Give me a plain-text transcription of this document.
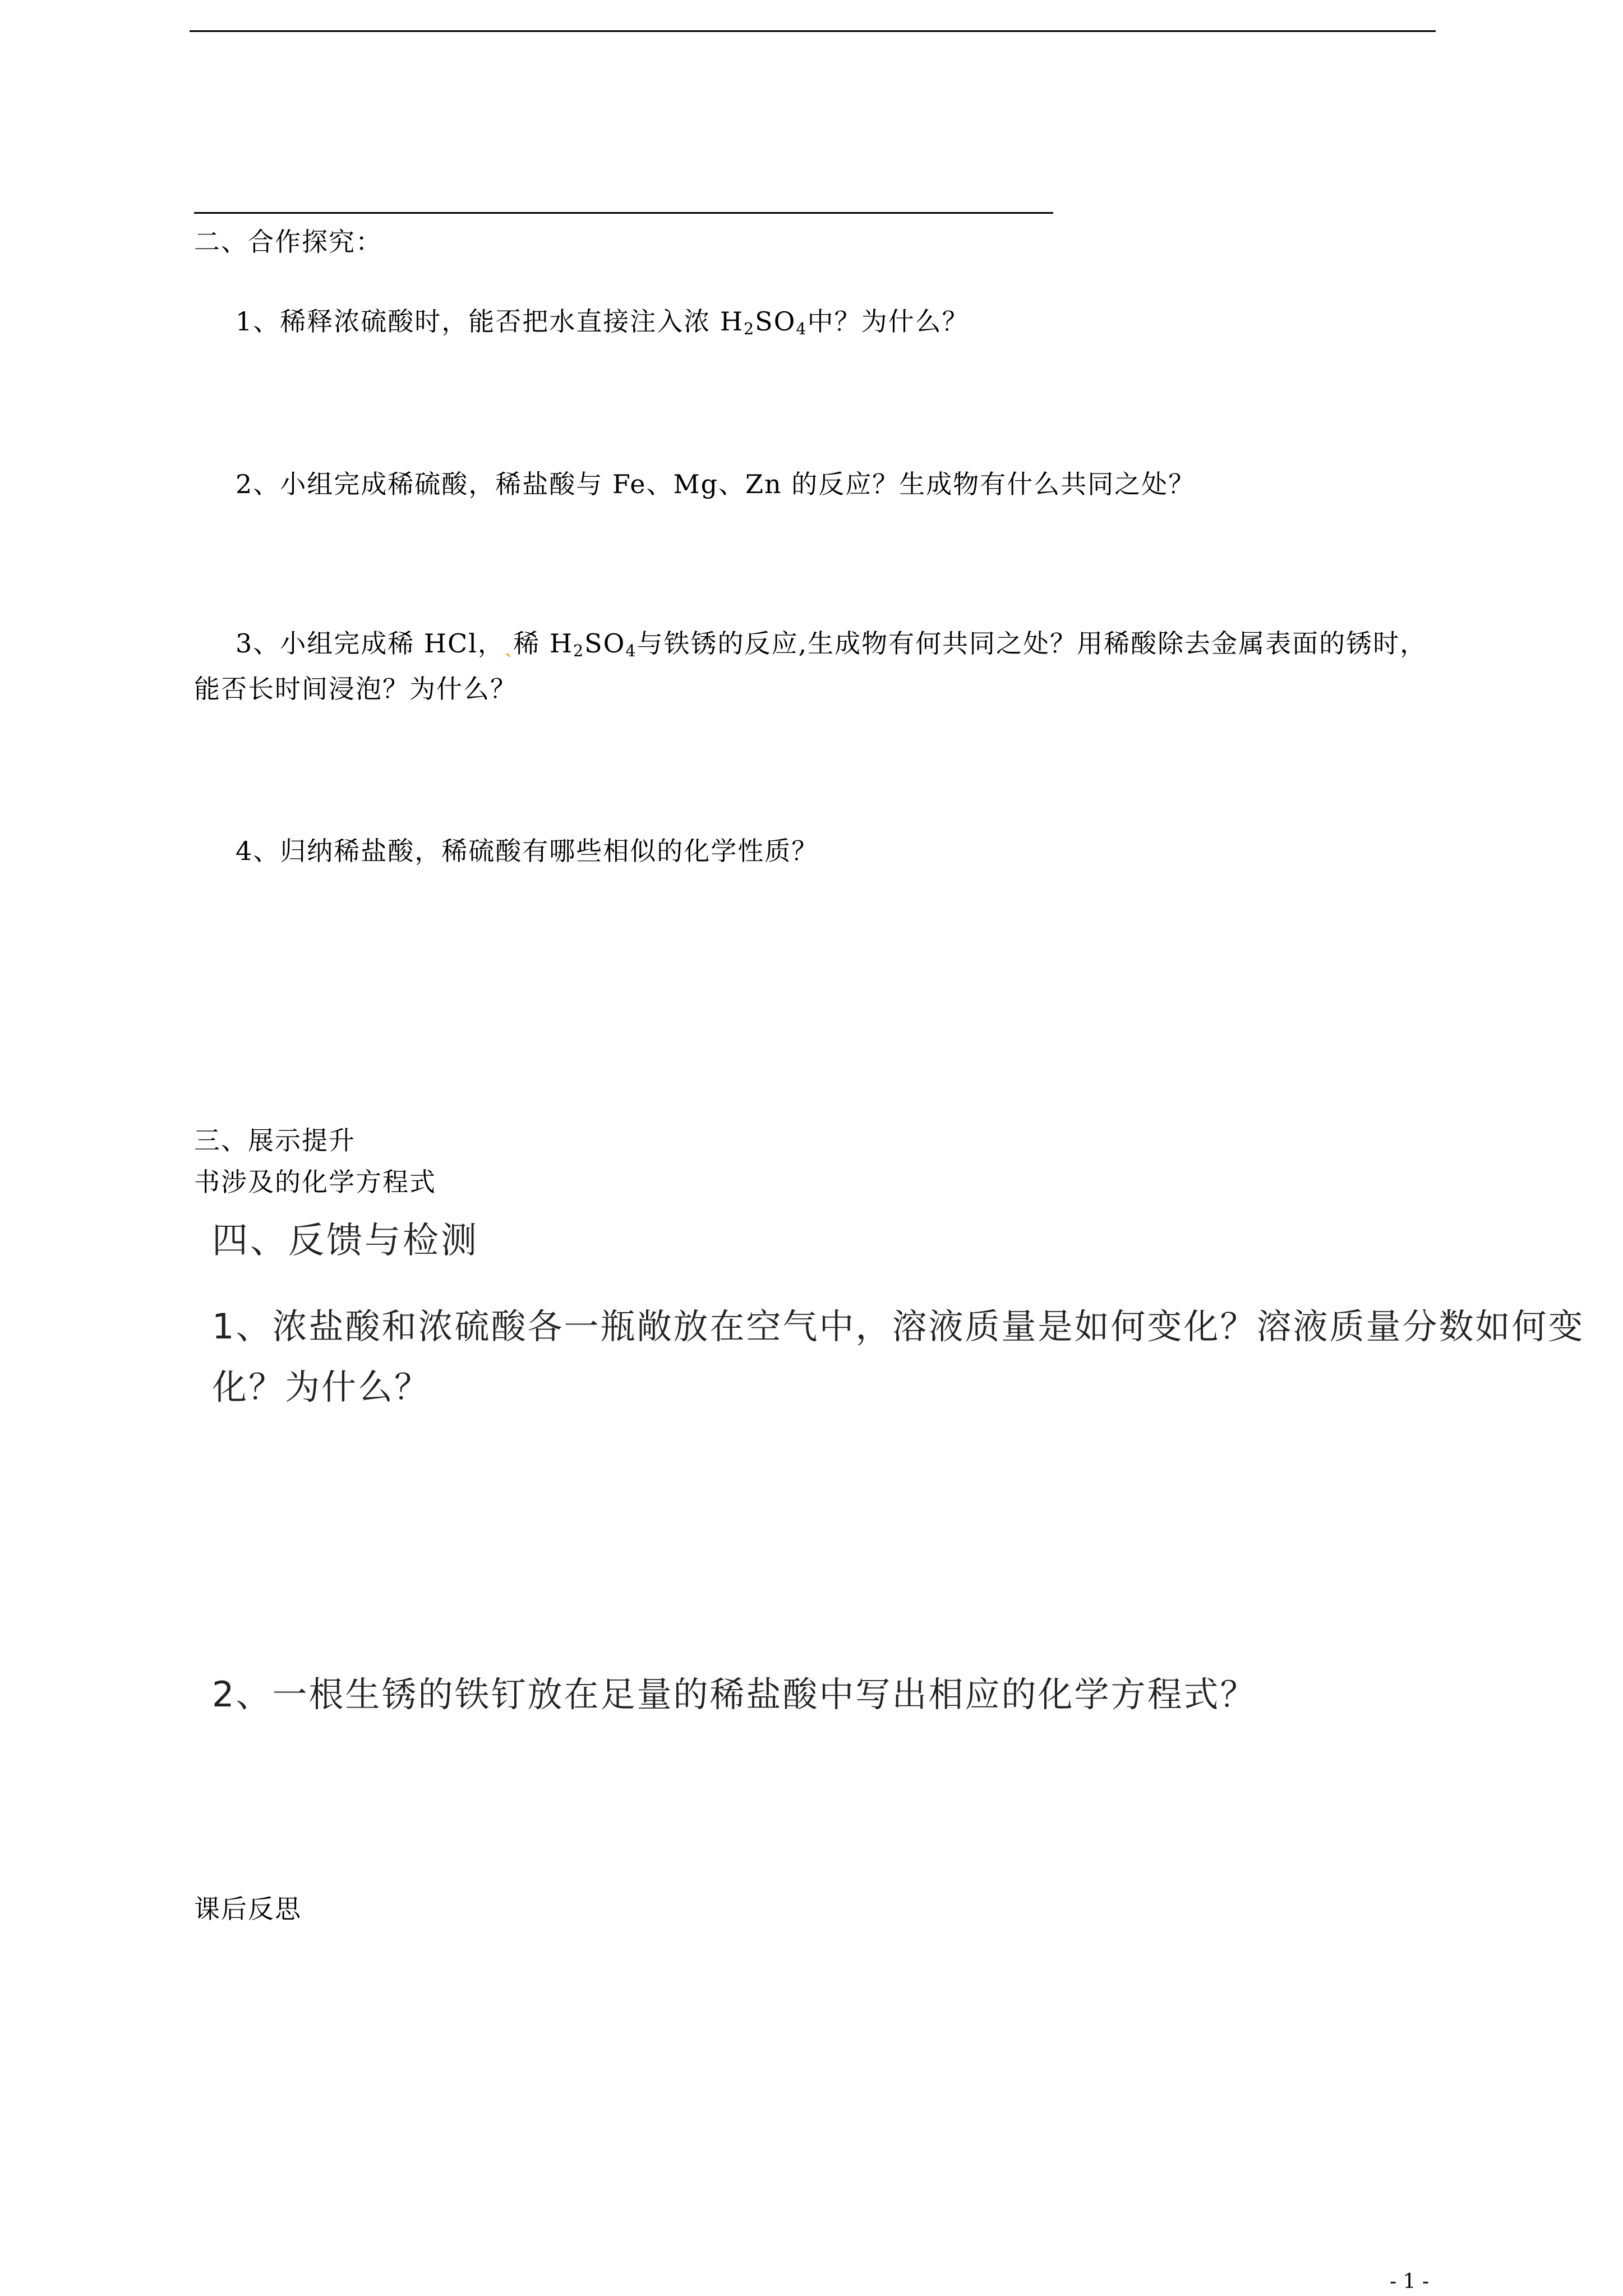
二、合作探究：
1、稀释浓硫酸时，能否把水直接注入浓 $H_2SO_4$中？为什么？
2、小组完成稀硫酸，稀盐酸与 Fe、Mg、Zn 的反应？生成物有什么共同之处？
3、小组完成稀 HCl，ˏ稀 $H_2SO_4$与铁锈的反应,生成物有何共同之处？用稀酸除去金属表面的锈时，
能否长时间浸泡？为什么？
4、归纳稀盐酸，稀硫酸有哪些相似的化学性质？
三、展示提升
书涉及的化学方程式
四、反馈与检测
1、浓盐酸和浓硫酸各一瓶敞放在空气中，溶液质量是如何变化？溶液质量分数如何变
化？为什么？
2、一根生锈的铁钉放在足量的稀盐酸中写出相应的化学方程式？
课后反思
- 1 -
